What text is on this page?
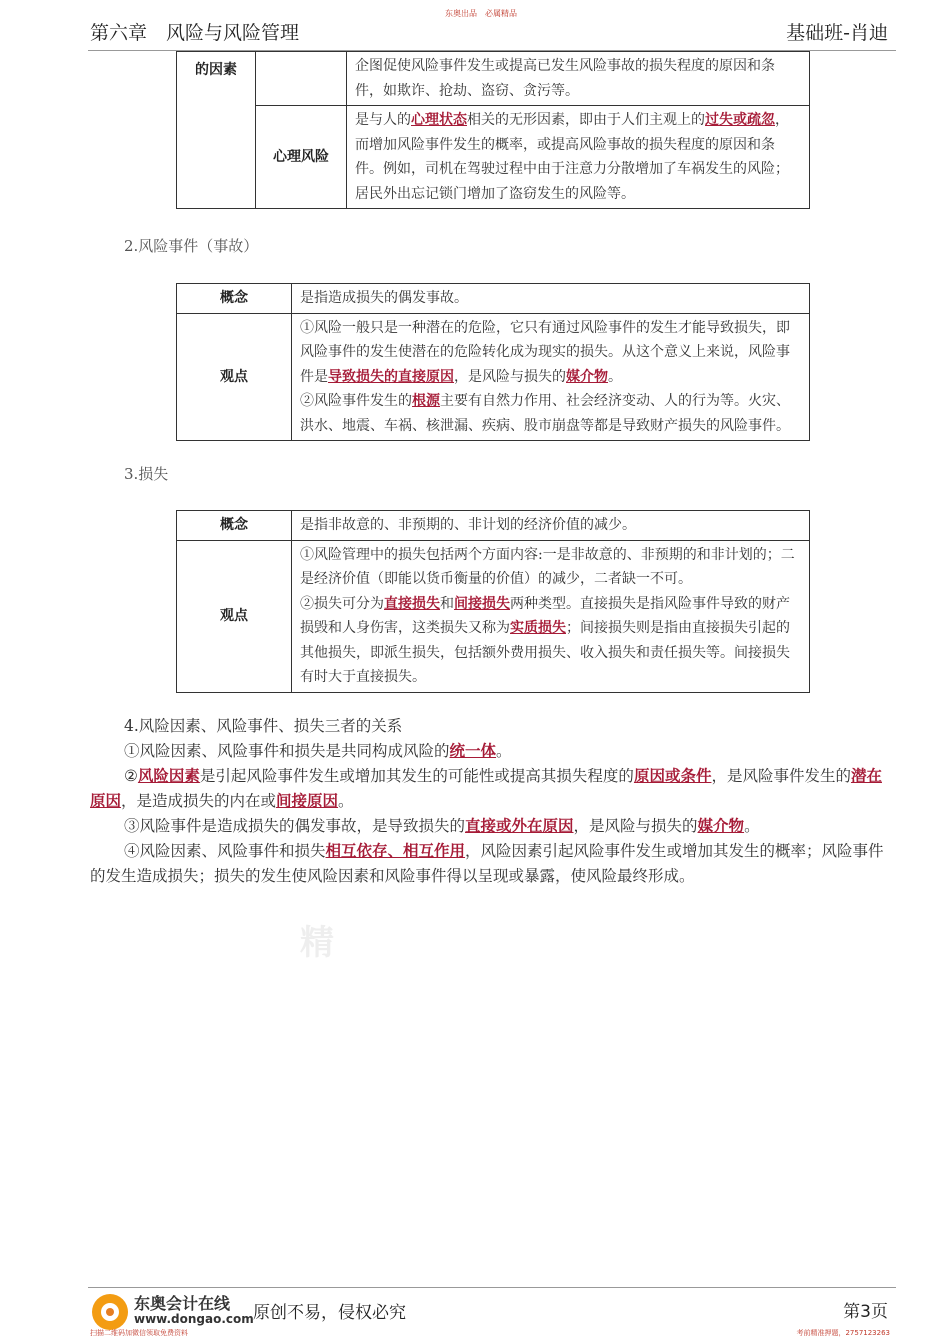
东奥出品　必属精品
第六章　风险与风险管理	基础班-肖迪
的因素		企图促使风险事件发生或提高已发生风险事故的损失程度的原因和条件，如欺诈、抢劫、盗窃、贪污等。
	心理风险	是与人的心理状态相关的无形因素，即由于人们主观上的过失或疏忽，而增加风险事件发生的概率，或提高风险事故的损失程度的原因和条件。例如，司机在驾驶过程中由于注意力分散增加了车祸发生的风险；居民外出忘记锁门增加了盗窃发生的风险等。
2.风险事件（事故）
概念	是指造成损失的偶发事故。
观点	①风险一般只是一种潜在的危险，它只有通过风险事件的发生才能导致损失，即风险事件的发生使潜在的危险转化成为现实的损失。从这个意义上来说，风险事件是导致损失的直接原因，是风险与损失的媒介物。
②风险事件发生的根源主要有自然力作用、社会经济变动、人的行为等。火灾、洪水、地震、车祸、核泄漏、疾病、股市崩盘等都是导致财产损失的风险事件。
3.损失
概念	是指非故意的、非预期的、非计划的经济价值的减少。
观点	①风险管理中的损失包括两个方面内容:一是非故意的、非预期的和非计划的；二是经济价值（即能以货币衡量的价值）的减少，二者缺一不可。
②损失可分为直接损失和间接损失两种类型。直接损失是指风险事件导致的财产损毁和人身伤害，这类损失又称为实质损失；间接损失则是指由直接损失引起的其他损失，即派生损失，包括额外费用损失、收入损失和责任损失等。间接损失有时大于直接损失。
4.风险因素、风险事件、损失三者的关系
①风险因素、风险事件和损失是共同构成风险的统一体。
②风险因素是引起风险事件发生或增加其发生的可能性或提高其损失程度的原因或条件，是风险事件发生的潜在原因，是造成损失的内在或间接原因。
③风险事件是造成损失的偶发事故，是导致损失的直接或外在原因，是风险与损失的媒介物。
④风险因素、风险事件和损失相互依存、相互作用，风险因素引起风险事件发生或增加其发生的概率；风险事件的发生造成损失；损失的发生使风险因素和风险事件得以呈现或暴露，使风险最终形成。
精
东奥会计在线
www.dongao.com 原创不易，侵权必究	第3页
扫描二维码加微信领取免费资料	考前精准押题，2757123263
